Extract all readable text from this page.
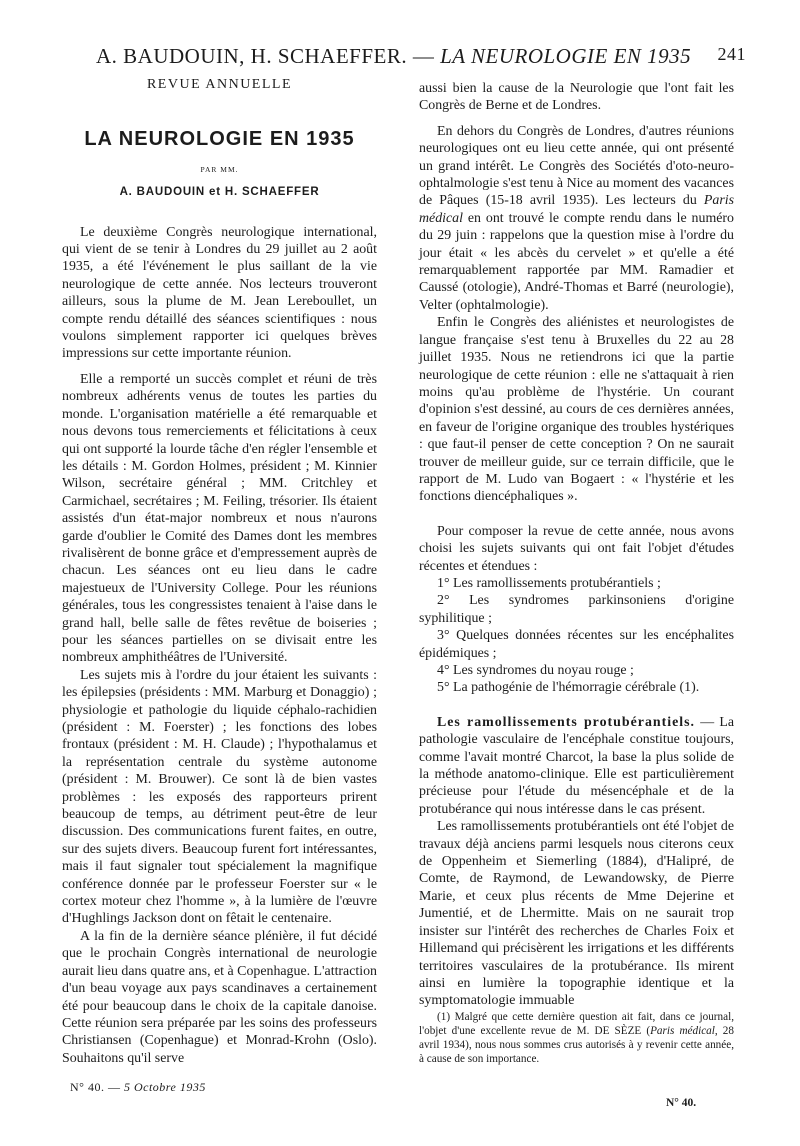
A. BAUDOUIN, H. SCHAEFFER. — LA NEUROLOGIE EN 1935 241
REVUE ANNUELLE
LA NEUROLOGIE EN 1935
PAR MM.
A. BAUDOUIN et H. SCHAEFFER

Le deuxième Congrès neurologique international, qui vient de se tenir à Londres du 29 juillet au 2 août 1935, a été l'événement le plus saillant de la vie neurologique de cette année. Nos lecteurs trouveront ailleurs, sous la plume de M. Jean Lereboullet, un compte rendu détaillé des séances scientifiques : nous voulons simplement rapporter ici quelques brèves impressions sur cette importante réunion.

Elle a remporté un succès complet et réuni de très nombreux adhérents venus de toutes les parties du monde. L'organisation matérielle a été remarquable et nous devons tous remerciements et félicitations à ceux qui ont supporté la lourde tâche d'en régler l'ensemble et les détails : M. Gordon Holmes, président ; M. Kinnier Wilson, secrétaire général ; MM. Critchley et Carmichael, secrétaires ; M. Feiling, trésorier. Ils étaient assistés d'un état-major nombreux et nous n'aurons garde d'oublier le Comité des Dames dont les membres rivalisèrent de bonne grâce et d'empressement auprès de chacun. Les séances ont eu lieu dans le cadre majestueux de l'University College. Pour les réunions générales, tous les congressistes tenaient à l'aise dans le grand hall, belle salle de fêtes revêtue de boiseries ; pour les séances partielles on se divisait entre les nombreux amphithéâtres de l'Université.

Les sujets mis à l'ordre du jour étaient les suivants : les épilepsies (présidents : MM. Marburg et Donaggio) ; physiologie et pathologie du liquide céphalo-rachidien (président : M. Foerster) ; les fonctions des lobes frontaux (président : M. H. Claude) ; l'hypothalamus et la représentation centrale du système autonome (président : M. Brouwer). Ce sont là de bien vastes problèmes : les exposés des rapporteurs prirent beaucoup de temps, au détriment peut-être de leur discussion. Des communications furent faites, en outre, sur des sujets divers. Beaucoup furent fort intéressantes, mais il faut signaler tout spécialement la magnifique conférence donnée par le professeur Foerster sur « le cortex moteur chez l'homme », à la lumière de l'œuvre d'Hughlings Jackson dont on fêtait le centenaire.

A la fin de la dernière séance plénière, il fut décidé que le prochain Congrès international de neurologie aurait lieu dans quatre ans, et à Copenhague. L'attraction d'un beau voyage aux pays scandinaves a certainement été pour beaucoup dans le choix de la capitale danoise. Cette réunion sera préparée par les soins des professeurs Christiansen (Copenhague) et Monrad-Krohn (Oslo). Souhaitons qu'il serve

aussi bien la cause de la Neurologie que l'ont fait les Congrès de Berne et de Londres.

En dehors du Congrès de Londres, d'autres réunions neurologiques ont eu lieu cette année, qui ont présenté un grand intérêt. Le Congrès des Sociétés d'oto-neuro-ophtalmologie s'est tenu à Nice au moment des vacances de Pâques (15-18 avril 1935). Les lecteurs du Paris médical en ont trouvé le compte rendu dans le numéro du 29 juin : rappelons que la question mise à l'ordre du jour était « les abcès du cervelet » et qu'elle a été remarquablement rapportée par MM. Ramadier et Caussé (otologie), André-Thomas et Barré (neurologie), Velter (ophtalmologie).

Enfin le Congrès des aliénistes et neurologistes de langue française s'est tenu à Bruxelles du 22 au 28 juillet 1935. Nous ne retiendrons ici que la partie neurologique de cette réunion : elle ne s'attaquait à rien moins qu'au problème de l'hystérie. Un courant d'opinion s'est dessiné, au cours de ces dernières années, en faveur de l'origine organique des troubles hystériques : que faut-il penser de cette conception ? On ne saurait trouver de meilleur guide, sur ce terrain difficile, que le rapport de M. Ludo van Bogaert : « l'hystérie et les fonctions diencéphaliques ».

Pour composer la revue de cette année, nous avons choisi les sujets suivants qui ont fait l'objet d'études récentes et étendues :

1° Les ramollissements protubérantiels ;
2° Les syndromes parkinsoniens d'origine syphilitique ;
3° Quelques données récentes sur les encéphalites épidémiques ;
4° Les syndromes du noyau rouge ;
5° La pathogénie de l'hémorragie cérébrale (1).

Les ramollissements protubérantiels. — La pathologie vasculaire de l'encéphale constitue toujours, comme l'avait montré Charcot, la base la plus solide de la méthode anatomo-clinique. Elle est particulièrement précieuse pour l'étude du mésencéphale et de la protubérance qui nous intéresse dans le cas présent.

Les ramollissements protubérantiels ont été l'objet de travaux déjà anciens parmi lesquels nous citerons ceux de Oppenheim et Siemerling (1884), d'Halipré, de Comte, de Raymond, de Lewandowsky, de Pierre Marie, et ceux plus récents de Mme Dejerine et Jumentié, et de Lhermitte. Mais on ne saurait trop insister sur l'intérêt des recherches de Charles Foix et Hillemand qui précisèrent les irrigations et les différents territoires vasculaires de la protubérance. Ils mirent ainsi en lumière la topographie identique et la symptomatologie immuable

(1) Malgré que cette dernière question ait fait, dans ce journal, l'objet d'une excellente revue de M. DE SÈZE (Paris médical, 28 avril 1934), nous nous sommes crus autorisés à y revenir cette année, à cause de son importance.

N° 40. — 5 Octobre 1935
N° 40.
